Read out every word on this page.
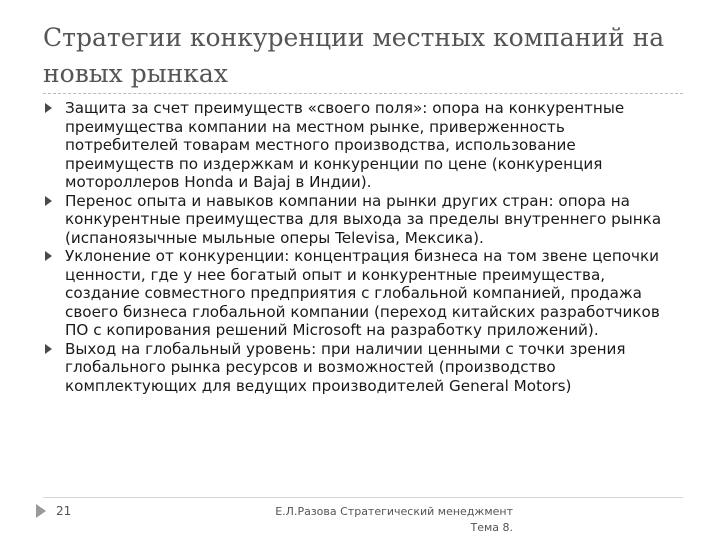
Стратегии конкуренции местных компаний на новых рынках
Защита за счет преимуществ «своего поля»: опора на конкурентные преимущества компании на местном рынке, приверженность потребителей товарам местного производства, использование преимуществ по издержкам и конкуренции по цене (конкуренция мотороллеров Honda и Bajaj в Индии).
Перенос опыта и навыков компании на рынки других стран: опора на конкурентные преимущества для выхода за пределы внутреннего рынка (испаноязычные мыльные оперы Televisa, Мексика).
Уклонение от конкуренции: концентрация бизнеса на том звене цепочки ценности, где у нее богатый опыт и конкурентные преимущества, создание совместного предприятия с глобальной компанией, продажа своего бизнеса глобальной компании (переход китайских разработчиков ПО с копирования решений Microsoft на разработку приложений).
Выход на глобальный уровень: при наличии ценными с точки зрения глобального рынка ресурсов и возможностей (производство комплектующих для ведущих производителей General Motors)
21	Е.Л.Разова Стратегический менеджмент Тема 8.
